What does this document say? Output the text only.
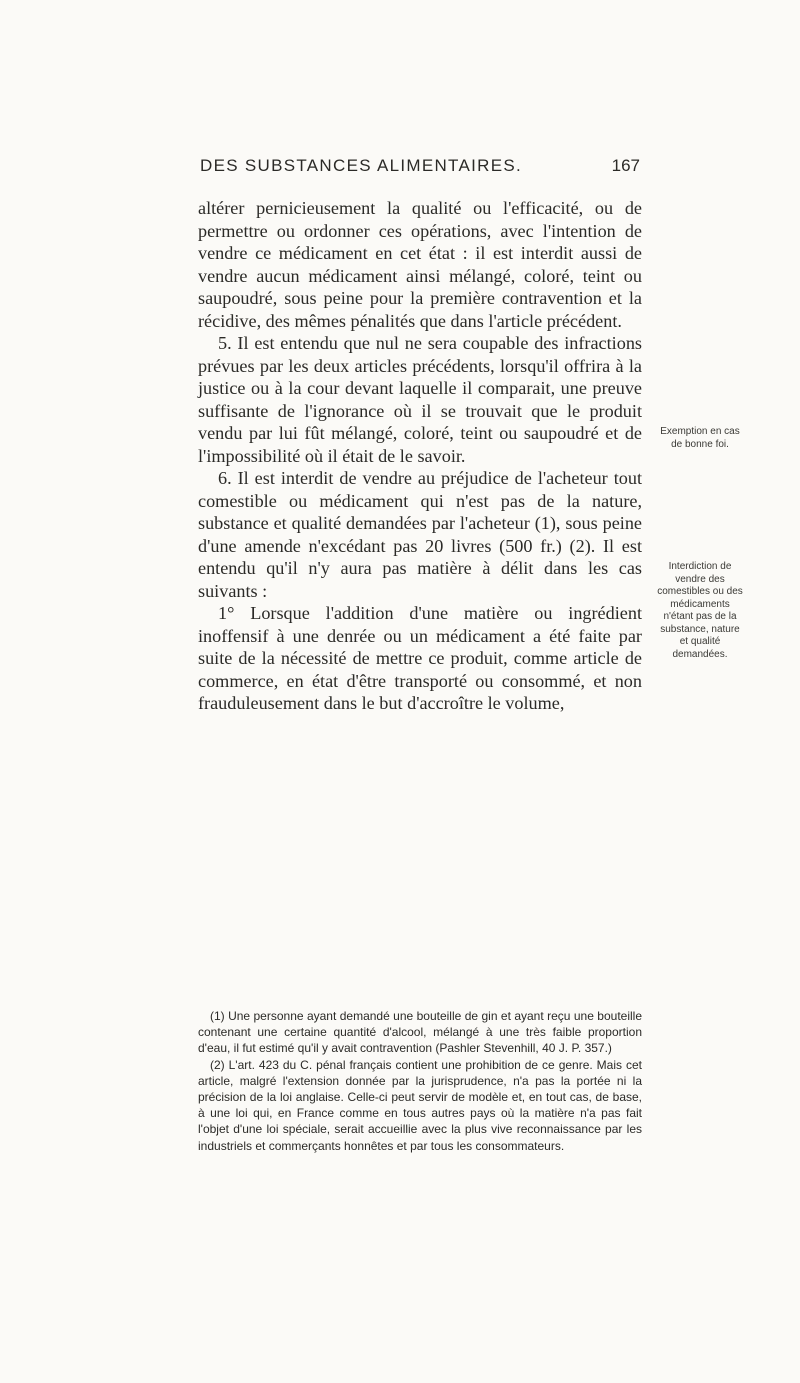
DES SUBSTANCES ALIMENTAIRES.	167

altérer pernicieusement la qualité ou l'efficacité, ou de permettre ou ordonner ces opérations, avec l'intention de vendre ce médicament en cet état : il est interdit aussi de vendre aucun médicament ainsi mélangé, coloré, teint ou saupoudré, sous peine pour la première contravention et la récidive, des mêmes pénalités que dans l'article précédent.

5. Il est entendu que nul ne sera coupable des infractions prévues par les deux articles précédents, lorsqu'il offrira à la justice ou à la cour devant laquelle il comparait, une preuve suffisante de l'ignorance où il se trouvait que le produit vendu par lui fût mélangé, coloré, teint ou saupoudré et de l'impossibilité où il était de le savoir.

6. Il est interdit de vendre au préjudice de l'acheteur tout comestible ou médicament qui n'est pas de la nature, substance et qualité demandées par l'acheteur (1), sous peine d'une amende n'excédant pas 20 livres (500 fr.) (2). Il est entendu qu'il n'y aura pas matière à délit dans les cas suivants :

1° Lorsque l'addition d'une matière ou ingrédient inoffensif à une denrée ou un médicament a été faite par suite de la nécessité de mettre ce produit, comme article de commerce, en état d'être transporté ou consommé, et non frauduleusement dans le but d'accroître le volume,

Exemption en cas de bonne foi.
Interdiction de vendre des comestibles ou des médicaments n'étant pas de la substance, nature et qualité demandées.

(1) Une personne ayant demandé une bouteille de gin et ayant reçu une bouteille contenant une certaine quantité d'alcool, mélangé à une très faible proportion d'eau, il fut estimé qu'il y avait contravention (Pashler Stevenhill, 40 J. P. 357.)

(2) L'art. 423 du C. pénal français contient une prohibition de ce genre. Mais cet article, malgré l'extension donnée par la jurisprudence, n'a pas la portée ni la précision de la loi anglaise. Celle-ci peut servir de modèle et, en tout cas, de base, à une loi qui, en France comme en tous autres pays où la matière n'a pas fait l'objet d'une loi spéciale, serait accueillie avec la plus vive reconnaissance par les industriels et commerçants honnêtes et par tous les consommateurs.
